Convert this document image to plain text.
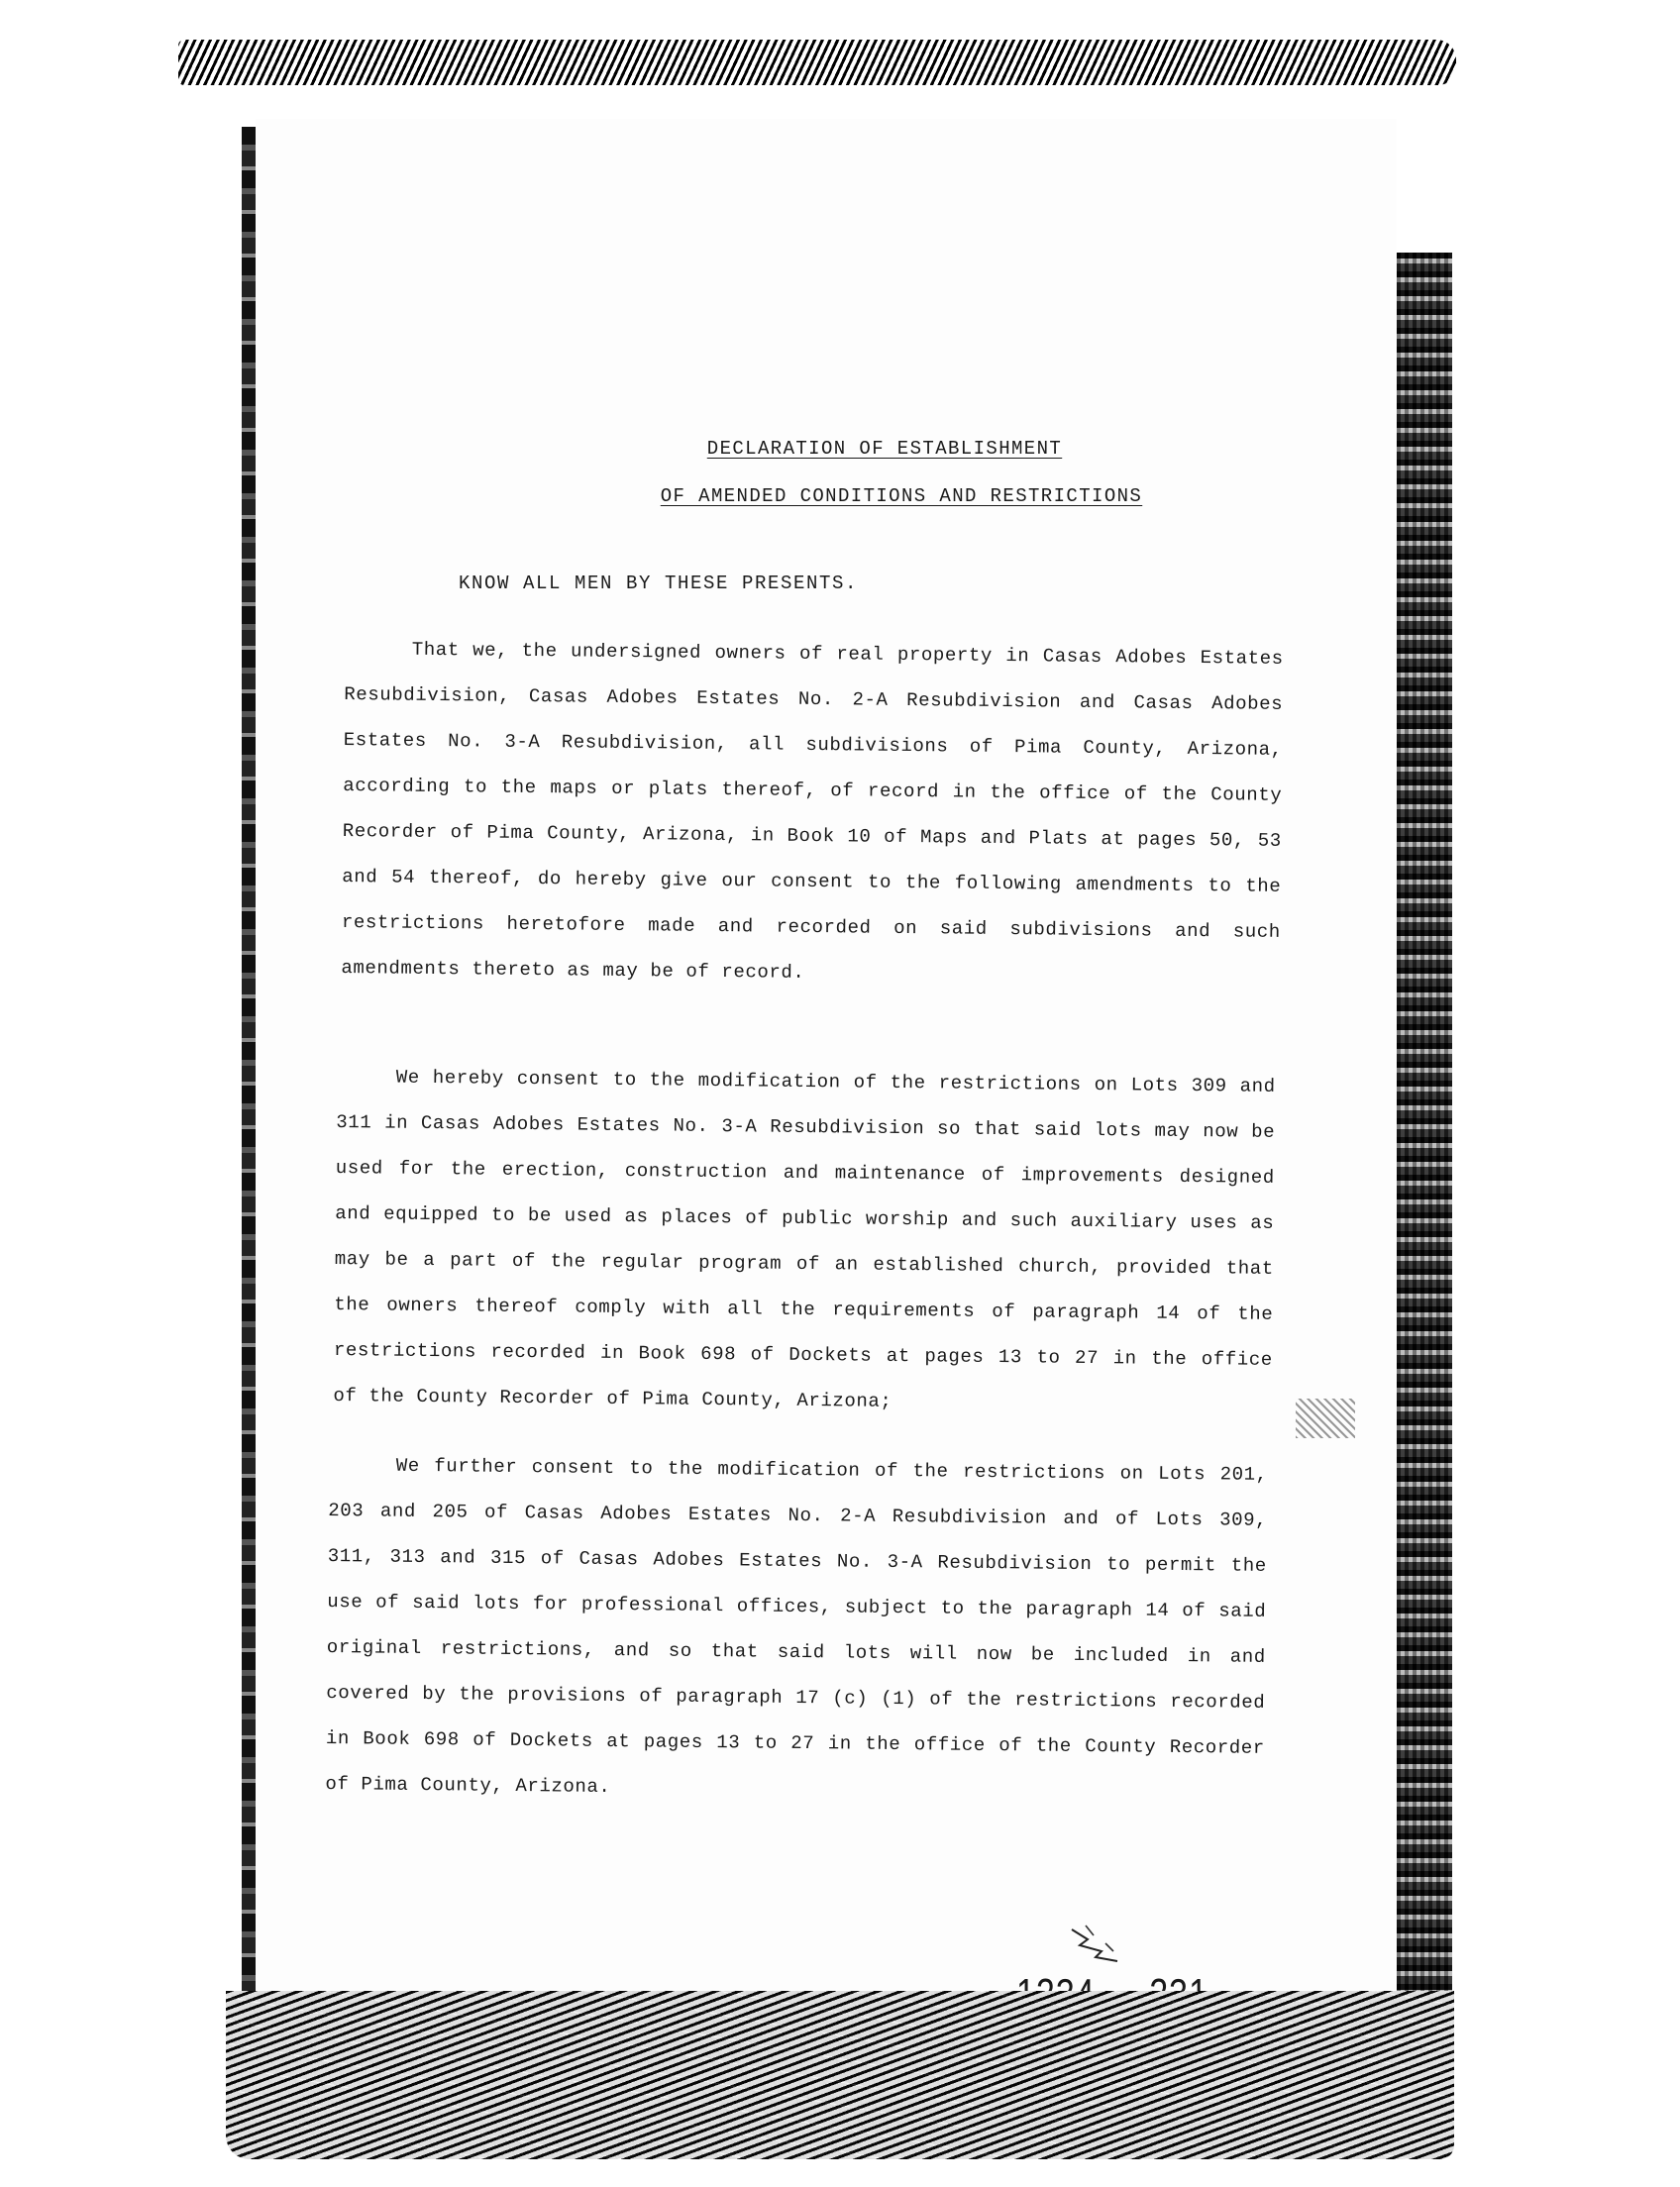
DECLARATION OF ESTABLISHMENT
OF AMENDED CONDITIONS AND RESTRICTIONS
KNOW ALL MEN BY THESE PRESENTS.
That we, the undersigned owners of real property in Casas Adobes Estates Resubdivision, Casas Adobes Estates No. 2-A Resubdivision and Casas Adobes Estates No. 3-A Resubdivision, all subdivisions of Pima County, Arizona, according to the maps or plats thereof, of record in the office of the County Recorder of Pima County, Arizona, in Book 10 of Maps and Plats at pages 50, 53 and 54 thereof, do hereby give our consent to the following amendments to the restrictions heretofore made and recorded on said subdivisions and such amendments thereto as may be of record.
We hereby consent to the modification of the restrictions on Lots 309 and 311 in Casas Adobes Estates No. 3-A Resubdivision so that said lots may now be used for the erection, construction and maintenance of improvements designed and equipped to be used as places of public worship and such auxiliary uses as may be a part of the regular program of an established church, provided that the owners thereof comply with all the requirements of paragraph 14 of the restrictions recorded in Book 698 of Dockets at pages 13 to 27 in the office of the County Recorder of Pima County, Arizona;
We further consent to the modification of the restrictions on Lots 201, 203 and 205 of Casas Adobes Estates No. 2-A Resubdivision and of Lots 309, 311, 313 and 315 of Casas Adobes Estates No. 3-A Resubdivision to permit the use of said lots for professional offices, subject to the paragraph 14 of said original restrictions, and so that said lots will now be included in and covered by the provisions of paragraph 17 (c) (1) of the restrictions recorded in Book 698 of Dockets at pages 13 to 27 in the office of the County Recorder of Pima County, Arizona.
